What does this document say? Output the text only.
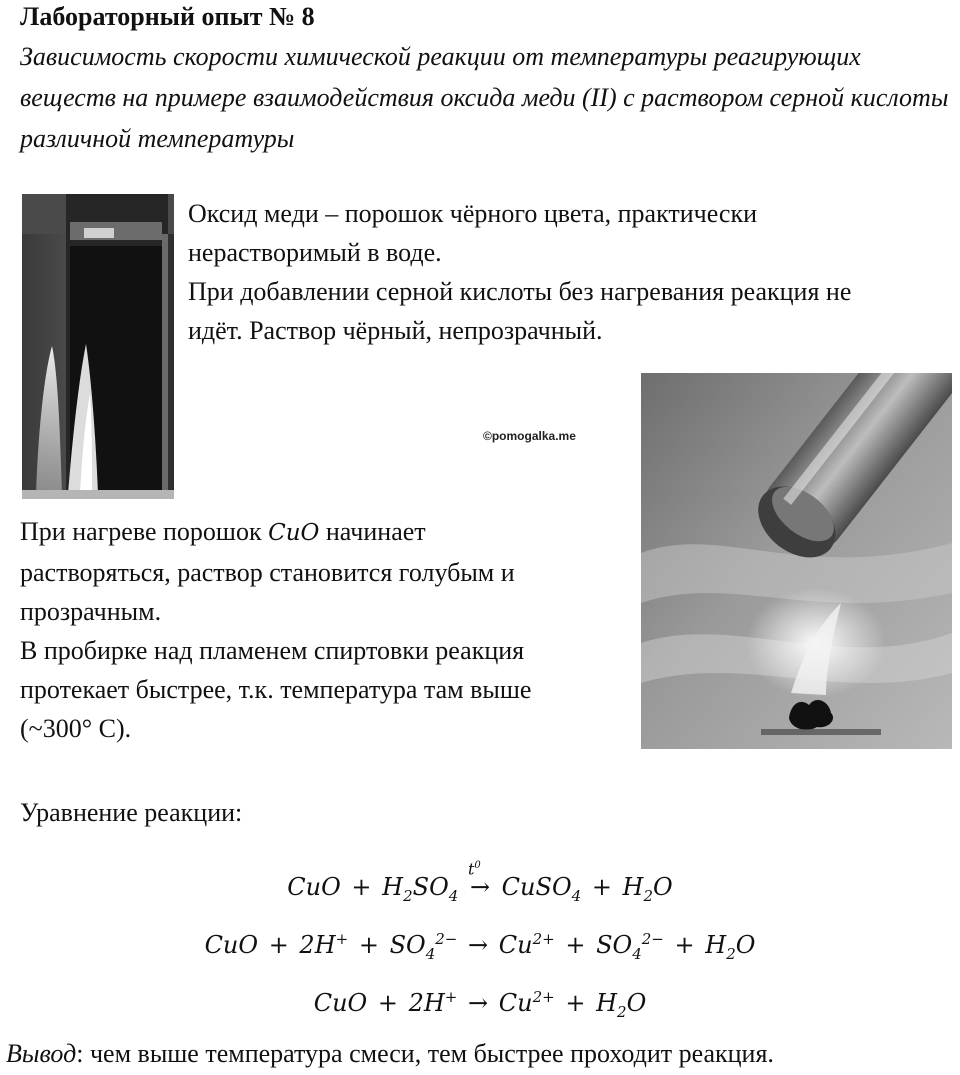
Лабораторный опыт № 8
Зависимость скорости химической реакции от температуры реагирующих веществ на примере взаимодействия оксида меди (II) с раствором серной кислоты различной температуры
Оксид меди – порошок чёрного цвета, практически
нерастворимый в воде.
При добавлении серной кислоты без нагревания реакция не
идёт. Раствор чёрный, непрозрачный.
©pomogalka.me
При нагреве порошок CuO начинает
растворяться, раствор становится голубым и
прозрачным.
В пробирке над пламенем спиртовки реакция
протекает быстрее, т.к. температура там выше
(~300° С).
Уравнение реакции:
CuO + $H_2SO_4$
$t^0$
→ CuSO$_4$ + $H_2O$
CuO + $2H^+ + SO_4^{2-} \to Cu^{2+} + SO_4^{2-} + H_2O$
CuO + $2H^+ \to Cu^{2+} + H_2O$
Вывод: чем выше температура смеси, тем быстрее проходит реакция.
